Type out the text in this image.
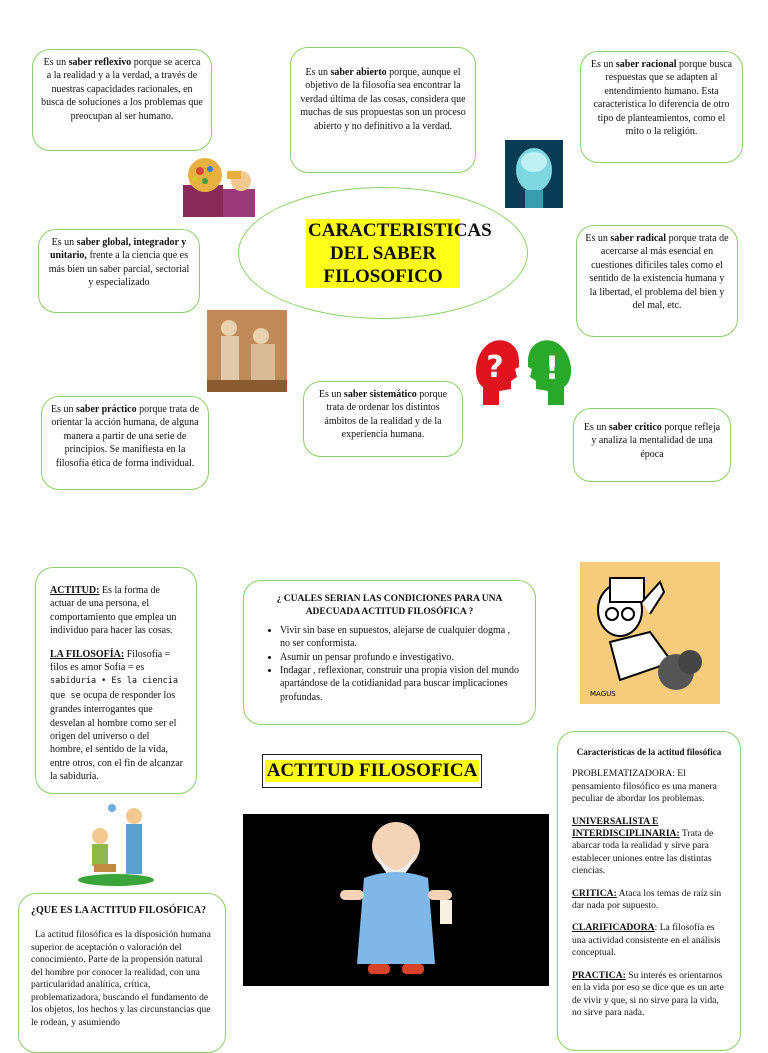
Es un saber reflexivo porque se acerca a la realidad y a la verdad, a través de nuestras capacidades racionales, en busca de soluciones a los problemas que preocupan al ser humano.
Es un saber abierto porque, aunque el objetivo de la filosofía sea encontrar la verdad última de las cosas, considera que muchas de sus propuestas son un proceso abierto y no definitivo a la verdad.
Es un saber racional porque busca respuestas que se adapten al entendimiento humano. Esta característica lo diferencia de otro tipo de planteamientos, como el mito o la religión.
CARACTERISTICAS DEL SABER FILOSOFICO
Es un saber global, integrador y unitario, frente a la ciencia que es más bien un saber parcial, sectorial y especializado
Es un saber radical porque trata de acercarse al más esencial en cuestiones difíciles tales como el sentido de la existencia humana y la libertad, el problema del bien y del mal, etc.
? !
Es un saber sistemático porque trata de ordenar los distintos ámbitos de la realidad y de la experiencia humana.
Es un saber práctico porque trata de orientar la acción humana, de alguna manera a partir de una serie de principios. Se manifiesta en la filosofía ética de forma individual.
Es un saber crítico porque refleja y analiza la mentalidad de una época

ACTITUD: Es la forma de actuar de una persona, el comportamiento que emplea un individuo para hacer las cosas.

LA FILOSOFÍA: Filosofía = filos es amor Sofía = es sabiduría • Es la ciencia que se ocupa de responder los grandes interrogantes que desvelan al hombre como ser el origen del universo o del hombre, el sentido de la vida, entre otros, con el fin de alcanzar la sabiduría.

¿ CUALES SERIAN LAS CONDICIONES PARA UNA ADECUADA ACTITUD FILOSÓFICA ?

• Vivir sin base en supuestos, alejarse de cualquier dogma , no ser conformista.
• Asumir un pensar profundo e investigativo.
• Indagar , reflexionar, construir una propia vision del mundo apartándose de la cotidianidad para buscar implicaciones profundas.	MAGUS
ACTITUD FILOSOFICA

¿QUE ES LA ACTITUD FILOSÓFICA?

La actitud filosófica es la disposición humana superior de aceptación o valoración del conocimiento. Parte de la propensión natural del hombre por conocer la realidad, con una particularidad analítica, crítica, problematizadora, buscando el fundamento de los objetos, los hechos y las circunstancias que le rodean, y asumiendo

Características de la actitud filosófica

PROBLEMATIZADORA: El pensamiento filosófico es una manera peculiar de abordar los problemas.

UNIVERSALISTA E INTERDISCIPLINARIA: Trata de abarcar toda la realidad y sirve para establecer uniones entre las distintas ciencias.

CRITICA: Ataca los temas de raíz sin dar nada por supuesto.

CLARIFICADORA: La filosofía es una actividad consistente en el análisis conceptual.

PRACTICA: Su interés es orientarnos en la vida por eso se dice que es un arte de vivir y que, si no sirve para la vida, no sirve para nada.
